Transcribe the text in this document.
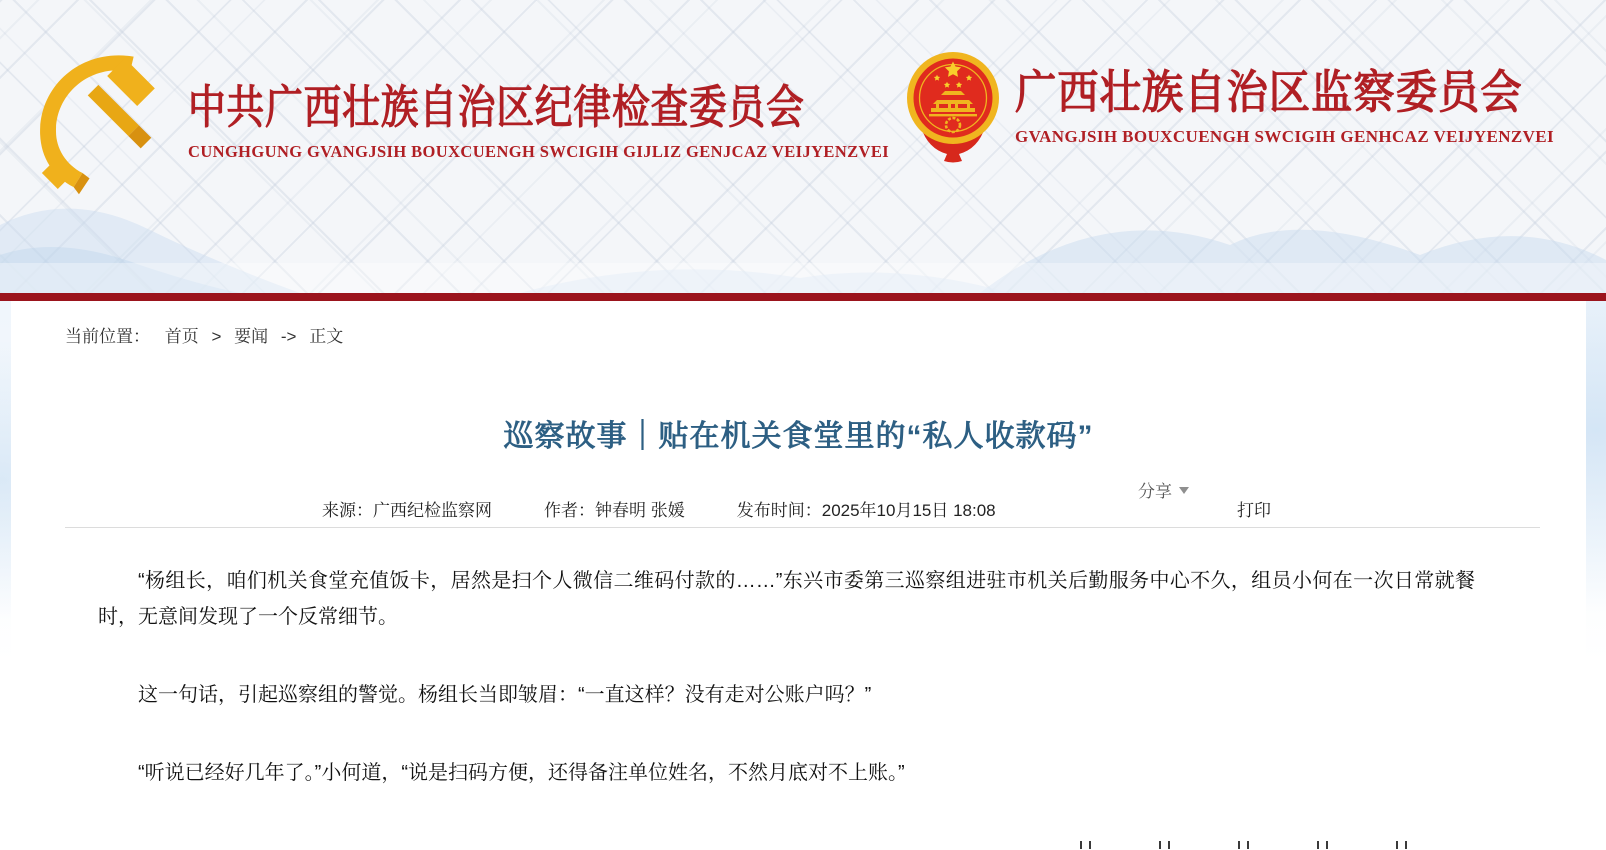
中共广西壮族自治区纪律检查委员会
CUNGHGUNG GVANGJSIH BOUXCUENGH SWCIGIH GIJLIZ GENJCAZ VEIJYENZVEI
广西壮族自治区监察委员会
GVANGJSIH BOUXCUENGH SWCIGIH GENHCAZ VEIJYENZVEI
当前位置： 首页 > 要闻 -> 正文
巡察故事｜贴在机关食堂里的“私人收款码”
分享
来源：广西纪检监察网	作者：钟春明 张媛	发布时间：2025年10月15日 18:08	打印

“杨组长，咱们机关食堂充值饭卡，居然是扫个人微信二维码付款的……”东兴市委第三巡察组进驻市机关后勤服务中心不久，组员小何在一次日常就餐时，无意间发现了一个反常细节。

这一句话，引起巡察组的警觉。杨组长当即皱眉：“一直这样？没有走对公账户吗？”

“听说已经好几年了。”小何道，“说是扫码方便，还得备注单位姓名，不然月底对不上账。”
